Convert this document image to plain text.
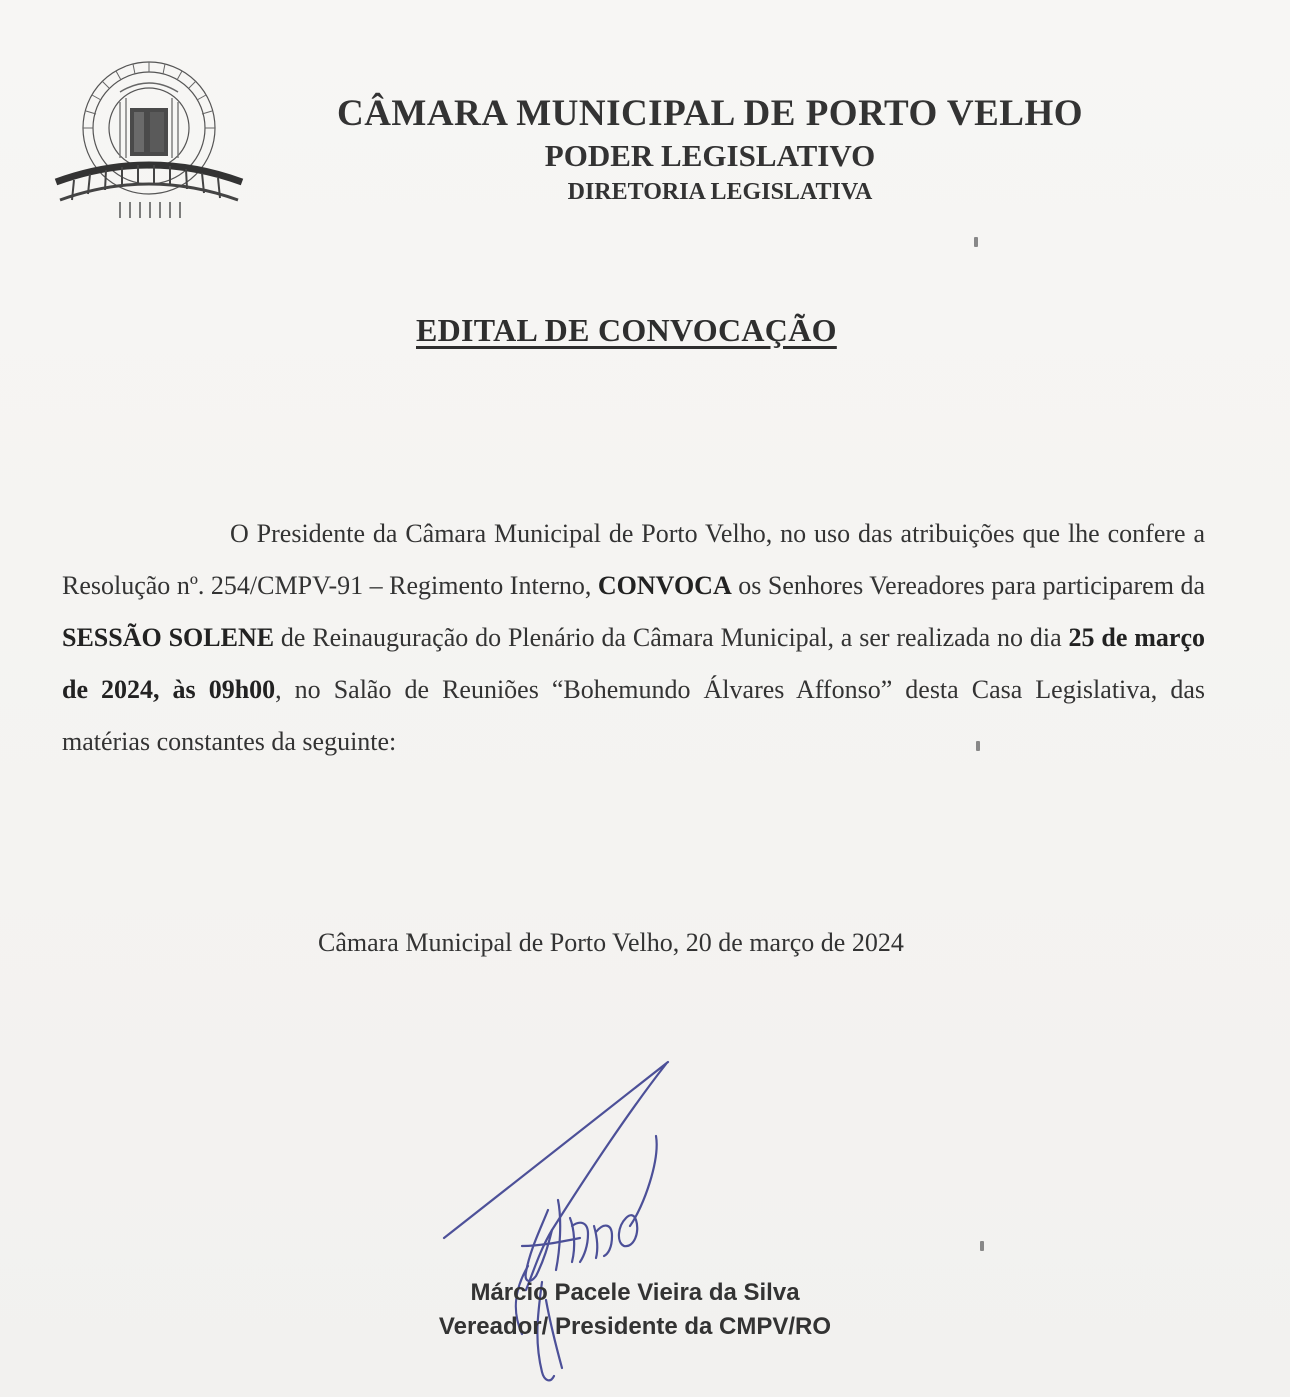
CÂMARA MUNICIPAL DE PORTO VELHO
PODER LEGISLATIVO
DIRETORIA LEGISLATIVA
EDITAL DE CONVOCAÇÃO

O Presidente da Câmara Municipal de Porto Velho, no uso das atribuições que lhe confere a Resolução nº. 254/CMPV-91 – Regimento Interno, CONVOCA os Senhores Vereadores para participarem da SESSÃO SOLENE de Reinauguração do Plenário da Câmara Municipal, a ser realizada no dia 25 de março de 2024, às 09h00, no Salão de Reuniões “Bohemundo Álvares Affonso” desta Casa Legislativa, das matérias constantes da seguinte:

Câmara Municipal de Porto Velho, 20 de março de 2024
Márcio Pacele Vieira da Silva
Vereador/ Presidente da CMPV/RO
